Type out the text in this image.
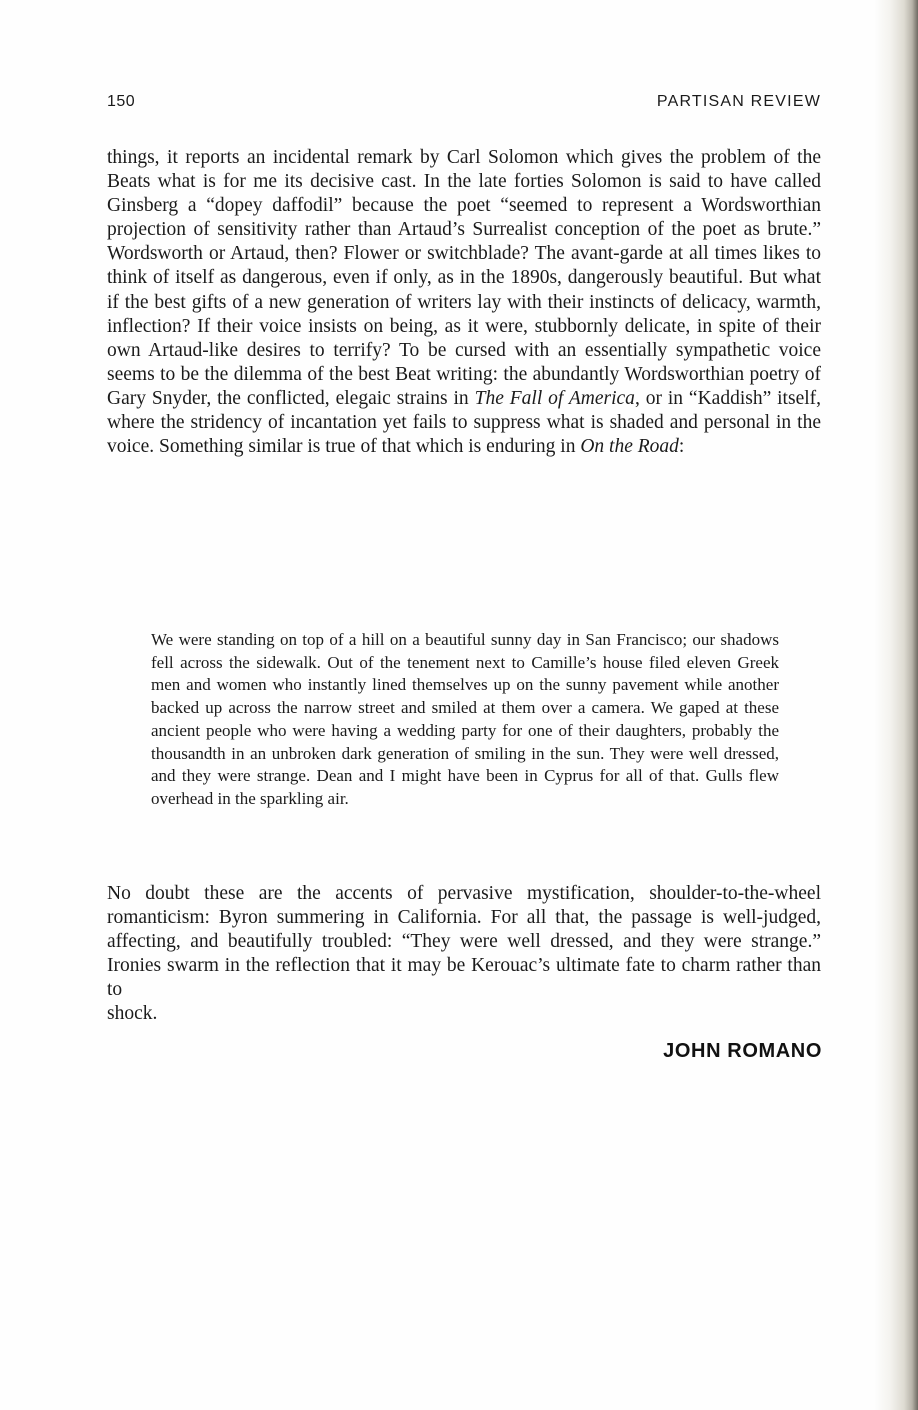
150	PARTISAN REVIEW

things, it reports an incidental remark by Carl Solomon which gives the problem of the Beats what is for me its decisive cast. In the late forties Solomon is said to have called Ginsberg a “dopey daffodil” because the poet “seemed to represent a Wordsworthian projection of sensitivity rather than Artaud’s Surrealist conception of the poet as brute.” Wordsworth or Artaud, then? Flower or switchblade? The avant-garde at all times likes to think of itself as dangerous, even if only, as in the 1890s, dangerously beautiful. But what if the best gifts of a new generation of writers lay with their instincts of delicacy, warmth, inflection? If their voice insists on being, as it were, stubbornly delicate, in spite of their own Artaud-like desires to terrify? To be cursed with an essentially sympathetic voice seems to be the dilemma of the best Beat writing: the abundantly Wordsworthian poetry of Gary Snyder, the conflicted, elegaic strains in The Fall of America, or in “Kaddish” itself, where the stridency of incantation yet fails to suppress what is shaded and personal in the voice. Something similar is true of that which is enduring in On the Road:

We were standing on top of a hill on a beautiful sunny day in San Francisco; our shadows fell across the sidewalk. Out of the tenement next to Camille’s house filed eleven Greek men and women who instantly lined themselves up on the sunny pavement while another backed up across the narrow street and smiled at them over a camera. We gaped at these ancient people who were having a wedding party for one of their daughters, probably the thousandth in an unbroken dark generation of smiling in the sun. They were well dressed, and they were strange. Dean and I might have been in Cyprus for all of that. Gulls flew overhead in the sparkling air.

No doubt these are the accents of pervasive mystification, shoulder-to-the-wheel romanticism: Byron summering in California. For all that, the passage is well-judged, affecting, and beautifully troubled: “They were well dressed, and they were strange.” Ironies swarm in the reflection that it may be Kerouac’s ultimate fate to charm rather than to
shock.

JOHN ROMANO
